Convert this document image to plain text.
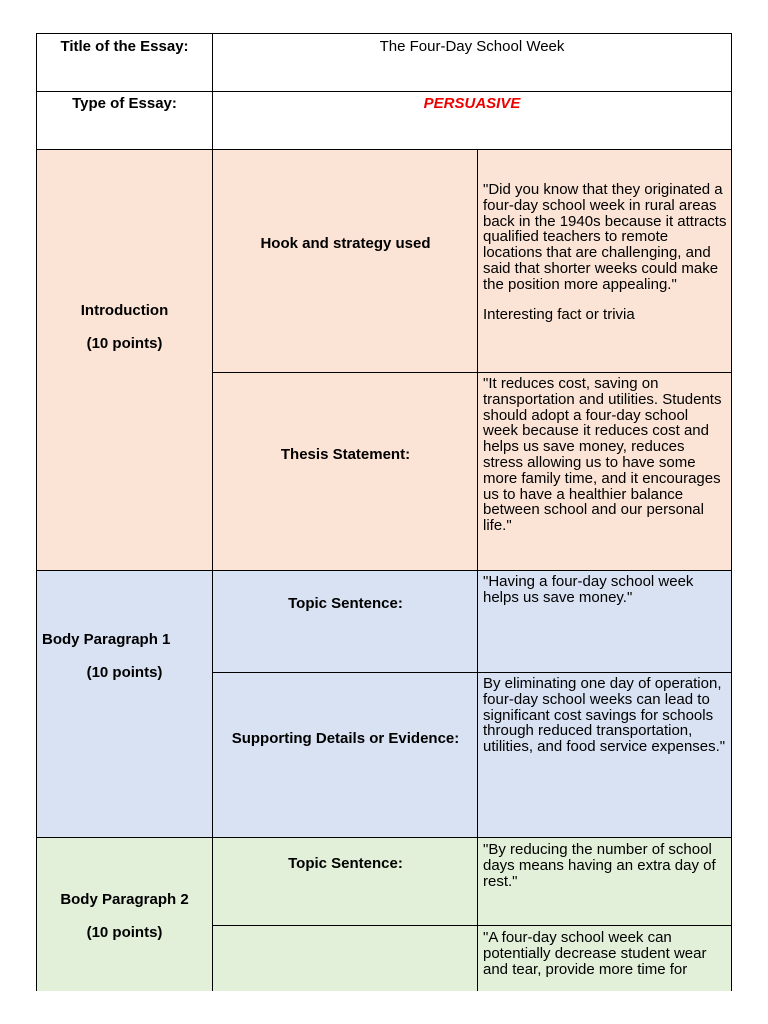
Title of the Essay:	The Four-Day School Week
Type of Essay:	PERSUASIVE

Introduction

(10 points)

Hook and strategy used
"Did you know that they originated a four-day school week in rural areas back in the 1940s because it attracts qualified teachers to remote locations that are challenging, and said that shorter weeks could make the position more appealing."
Interesting fact or trivia
Thesis Statement:
"It reduces cost, saving on transportation and utilities. Students should adopt a four-day school week because it reduces cost and helps us save money, reduces stress allowing us to have some more family time, and it encourages us to have a healthier balance between school and our personal life."

Body Paragraph 1

(10 points)

Topic Sentence:
"Having a four-day school week helps us save money."
Supporting Details or Evidence:
By eliminating one day of operation, four-day school weeks can lead to significant cost savings for schools through reduced transportation, utilities, and food service expenses."

Body Paragraph 2

(10 points)

Topic Sentence:
"By reducing the number of school days means having an extra day of rest."
"A four-day school week can potentially decrease student wear and tear, provide more time for
